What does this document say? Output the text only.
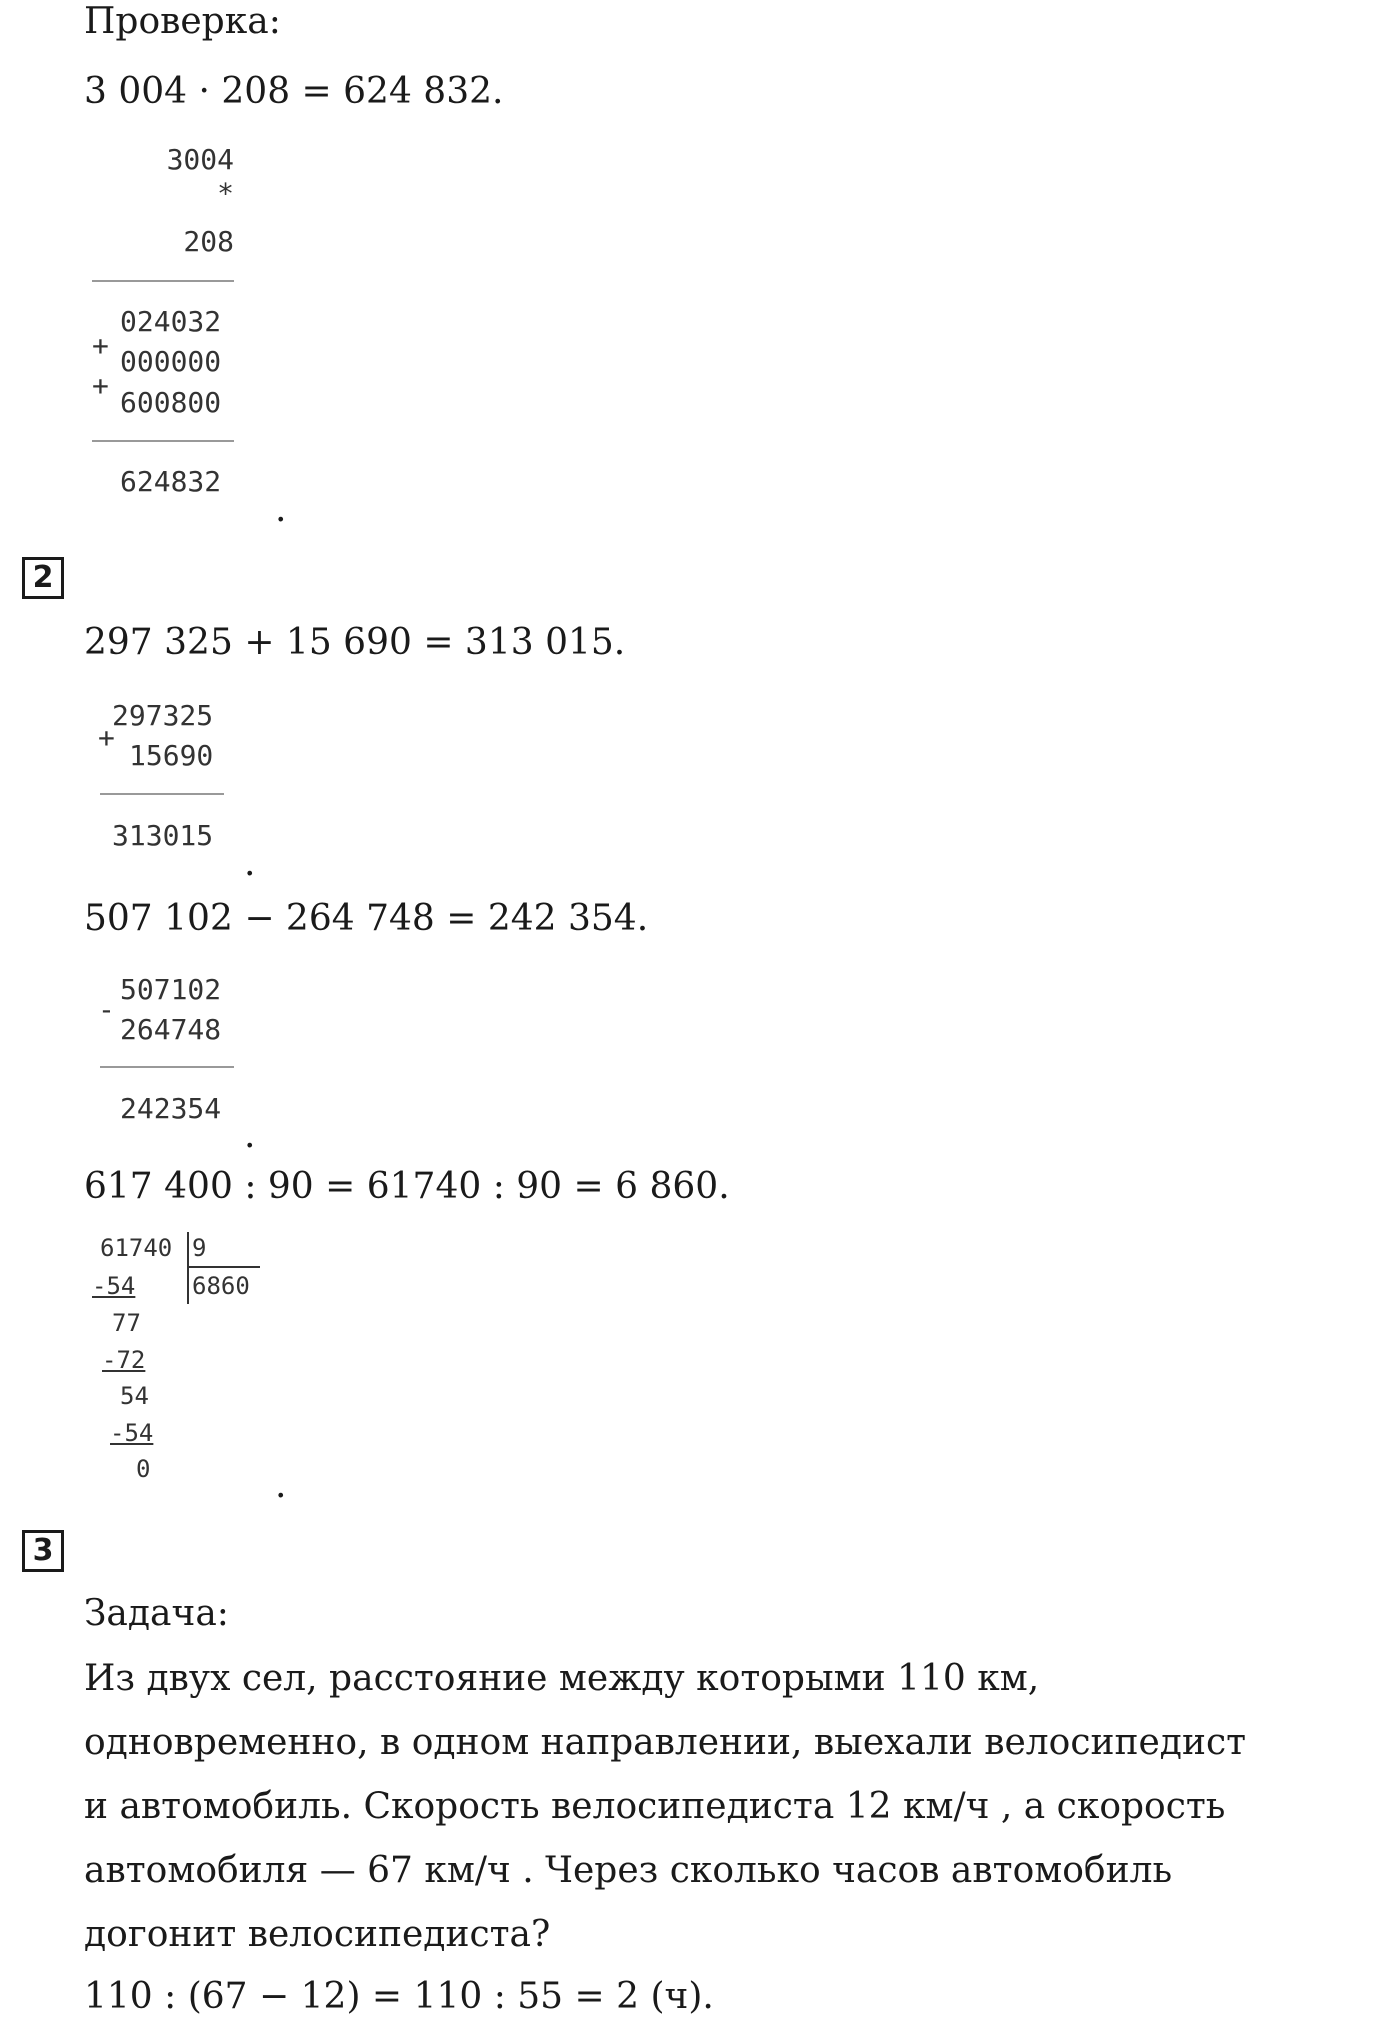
Проверка:
3 004 · 208 = 624 832.
3004
*
208
024032
+ 000000
+
600800
624832
.
2
297 325 + 15 690 = 313 015.
297325
+
15690
313015
.
507 102 − 264 748 = 242 354.
-
507102
264748
242354
.
617 400 : 90 = 61740 : 90 = 6 860.
61740 9
6860
-54
77
-72
54
-54
0	.
3
Задача:
Из двух сел, расстояние между которыми 110 км,
одновременно, в одном направлении, выехали велосипедист
и автомобиль. Скорость велосипедиста 12 км/ч , а скорость
автомобиля — 67 км/ч . Через сколько часов автомобиль
догонит велосипедиста?
110 : (67 − 12) = 110 : 55 = 2 (ч).
